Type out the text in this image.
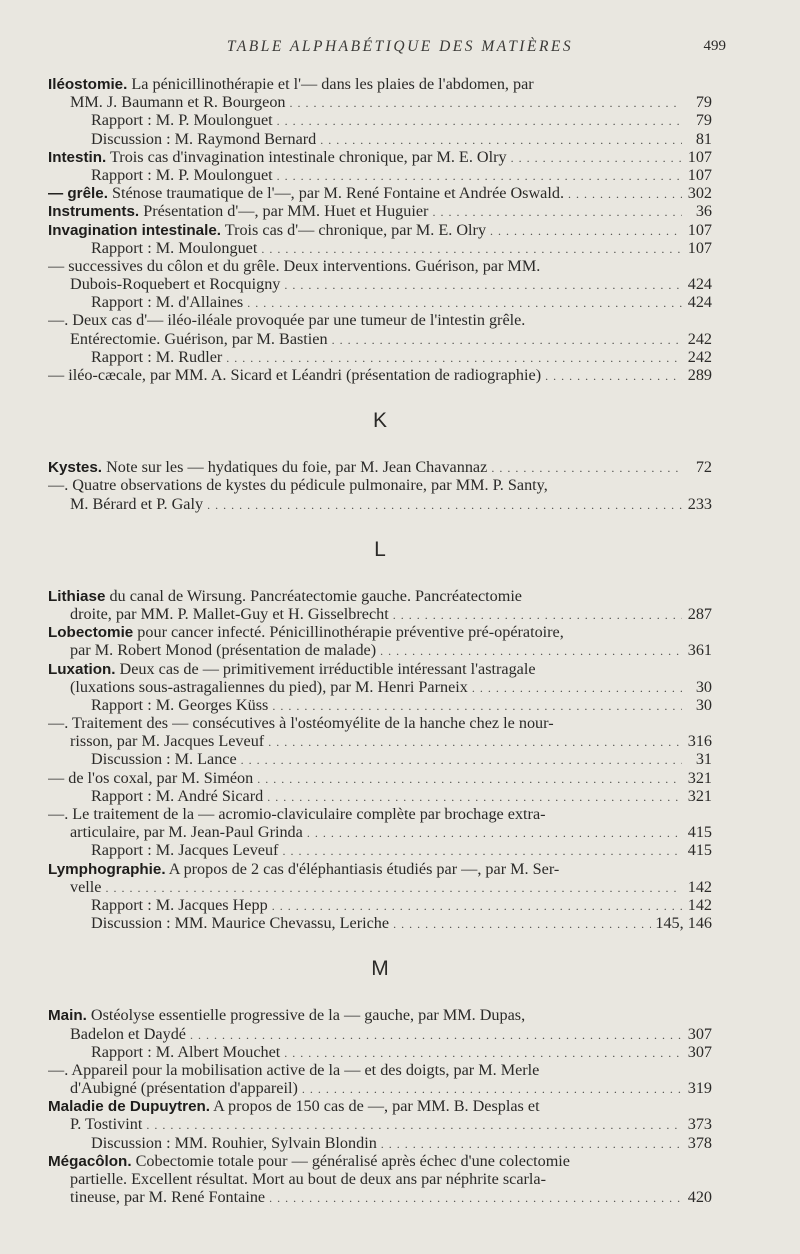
TABLE ALPHABÉTIQUE DES MATIÈRES	499
Iléostomie. La pénicillinothérapie et l'— dans les plaies de l'abdomen, par
MM. J. Baumann et R. Bourgeon . . .	79
Rapport : M. P. Moulonguet . . .	79
Discussion : M. Raymond Bernard . . .	81
Intestin. Trois cas d'invagination intestinale chronique, par M. E. Olry . . .	107
Rapport : M. P. Moulonguet . . .	107
— grêle. Sténose traumatique de l'—, par M. René Fontaine et Andrée Oswald. . . .	302
Instruments. Présentation d'—, par MM. Huet et Huguier . . .	36
Invagination intestinale. Trois cas d'— chronique, par M. E. Olry . . .	107
Rapport : M. Moulonguet . . .	107
— successives du côlon et du grêle. Deux interventions. Guérison, par MM.
Dubois-Roquebert et Rocquigny . . .	424
Rapport : M. d'Allaines . . .	424
—. Deux cas d'— iléo-iléale provoquée par une tumeur de l'intestin grêle.
Entérectomie. Guérison, par M. Bastien . . .	242
Rapport : M. Rudler . . .	242
— iléo-cæcale, par MM. A. Sicard et Léandri (présentation de radiographie) . . .	289
K
Kystes. Note sur les — hydatiques du foie, par M. Jean Chavannaz . . .	72
—. Quatre observations de kystes du pédicule pulmonaire, par MM. P. Santy,
M. Bérard et P. Galy . . .	233
L
Lithiase du canal de Wirsung. Pancréatectomie gauche. Pancréatectomie
droite, par MM. P. Mallet-Guy et H. Gisselbrecht . . .	287
Lobectomie pour cancer infecté. Pénicillinothérapie préventive pré-opératoire,
par M. Robert Monod (présentation de malade) . . .	361
Luxation. Deux cas de — primitivement irréductible intéressant l'astragale
(luxations sous-astragaliennes du pied), par M. Henri Parneix . . .	30
Rapport : M. Georges Küss . . .	30
—. Traitement des — consécutives à l'ostéomyélite de la hanche chez le nour-
risson, par M. Jacques Leveuf . . .	316
Discussion : M. Lance . . .	31
— de l'os coxal, par M. Siméon . . .	321
Rapport : M. André Sicard . . .	321
—. Le traitement de la — acromio-claviculaire complète par brochage extra-
articulaire, par M. Jean-Paul Grinda . . .	415
Rapport : M. Jacques Leveuf . . .	415
Lymphographie. A propos de 2 cas d'éléphantiasis étudiés par —, par M. Ser-
velle . . .	142
Rapport : M. Jacques Hepp . . .	142
Discussion : MM. Maurice Chevassu, Leriche . . .	145, 146
M
Main. Ostéolyse essentielle progressive de la — gauche, par MM. Dupas,
Badelon et Daydé . . .	307
Rapport : M. Albert Mouchet . . .	307
—. Appareil pour la mobilisation active de la — et des doigts, par M. Merle
d'Aubigné (présentation d'appareil) . . .	319
Maladie de Dupuytren. A propos de 150 cas de —, par MM. B. Desplas et
P. Tostivint . . .	373
Discussion : MM. Rouhier, Sylvain Blondin . . .	378
Mégacôlon. Cobectomie totale pour — généralisé après échec d'une colectomie
partielle. Excellent résultat. Mort au bout de deux ans par néphrite scarla-
tineuse, par M. René Fontaine . . .	420
